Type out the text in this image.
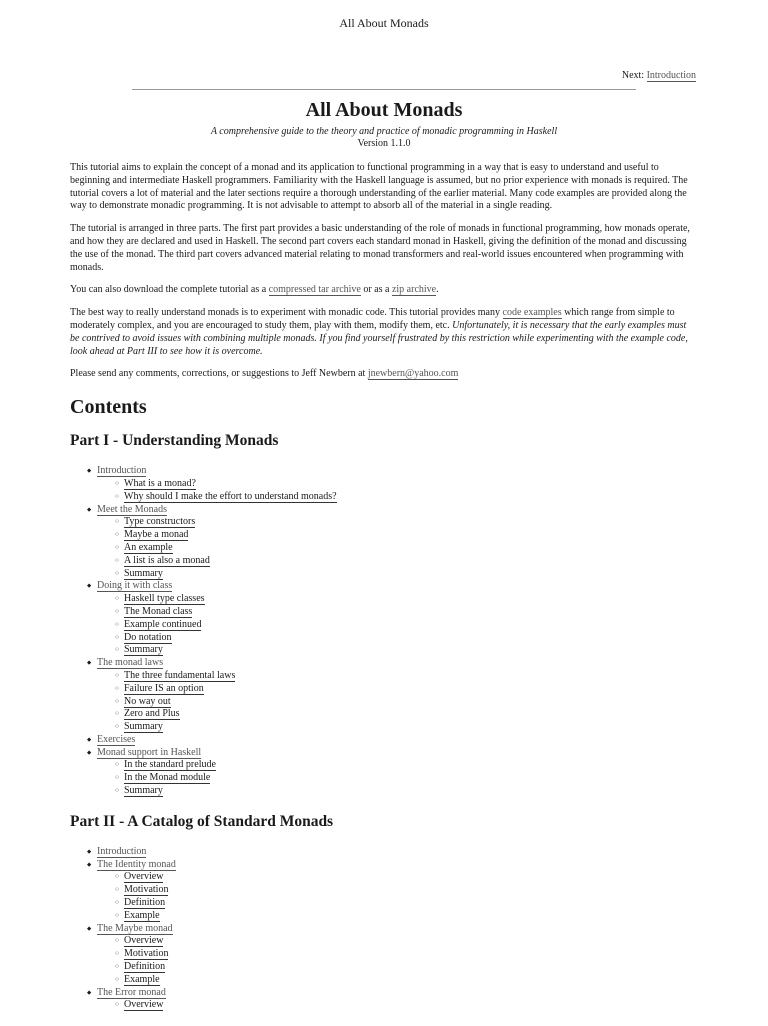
All About Monads
Next: Introduction
All About Monads
A comprehensive guide to the theory and practice of monadic programming in Haskell
Version 1.1.0

This tutorial aims to explain the concept of a monad and its application to functional programming in a way that is easy to understand and useful to beginning and intermediate Haskell programmers. Familiarity with the Haskell language is assumed, but no prior experience with monads is required. The tutorial covers a lot of material and the later sections require a thorough understanding of the earlier material. Many code examples are provided along the way to demonstrate monadic programming. It is not advisable to attempt to absorb all of the material in a single reading.

The tutorial is arranged in three parts. The first part provides a basic understanding of the role of monads in functional programming, how monads operate, and how they are declared and used in Haskell. The second part covers each standard monad in Haskell, giving the definition of the monad and discussing the use of the monad. The third part covers advanced material relating to monad transformers and real-world issues encountered when programming with monads.

You can also download the complete tutorial as a compressed tar archive or as a zip archive.

The best way to really understand monads is to experiment with monadic code. This tutorial provides many code examples which range from simple to moderately complex, and you are encouraged to study them, play with them, modify them, etc. Unfortunately, it is necessary that the early examples must be contrived to avoid issues with combining multiple monads. If you find yourself frustrated by this restriction while experimenting with the example code, look ahead at Part III to see how it is overcome.

Please send any comments, corrections, or suggestions to Jeff Newbern at jnewbern@yahoo.com

Contents
Part I - Understanding Monads
◆ Introduction
○ What is a monad?
○ Why should I make the effort to understand monads?
◆ Meet the Monads
○ Type constructors
○ Maybe a monad
○ An example
○ A list is also a monad
○ Summary
◆ Doing it with class
○ Haskell type classes
○ The Monad class
○ Example continued
○ Do notation
○ Summary
◆ The monad laws
○ The three fundamental laws
○ Failure IS an option
○ No way out
○ Zero and Plus
○ Summary
◆ Exercises
◆ Monad support in Haskell
○ In the standard prelude
○ In the Monad module
○ Summary
Part II - A Catalog of Standard Monads
◆ Introduction
◆ The Identity monad
○ Overview
○ Motivation
○ Definition
○ Example
◆ The Maybe monad
○ Overview
○ Motivation
○ Definition
○ Example
◆ The Error monad
○ Overview
